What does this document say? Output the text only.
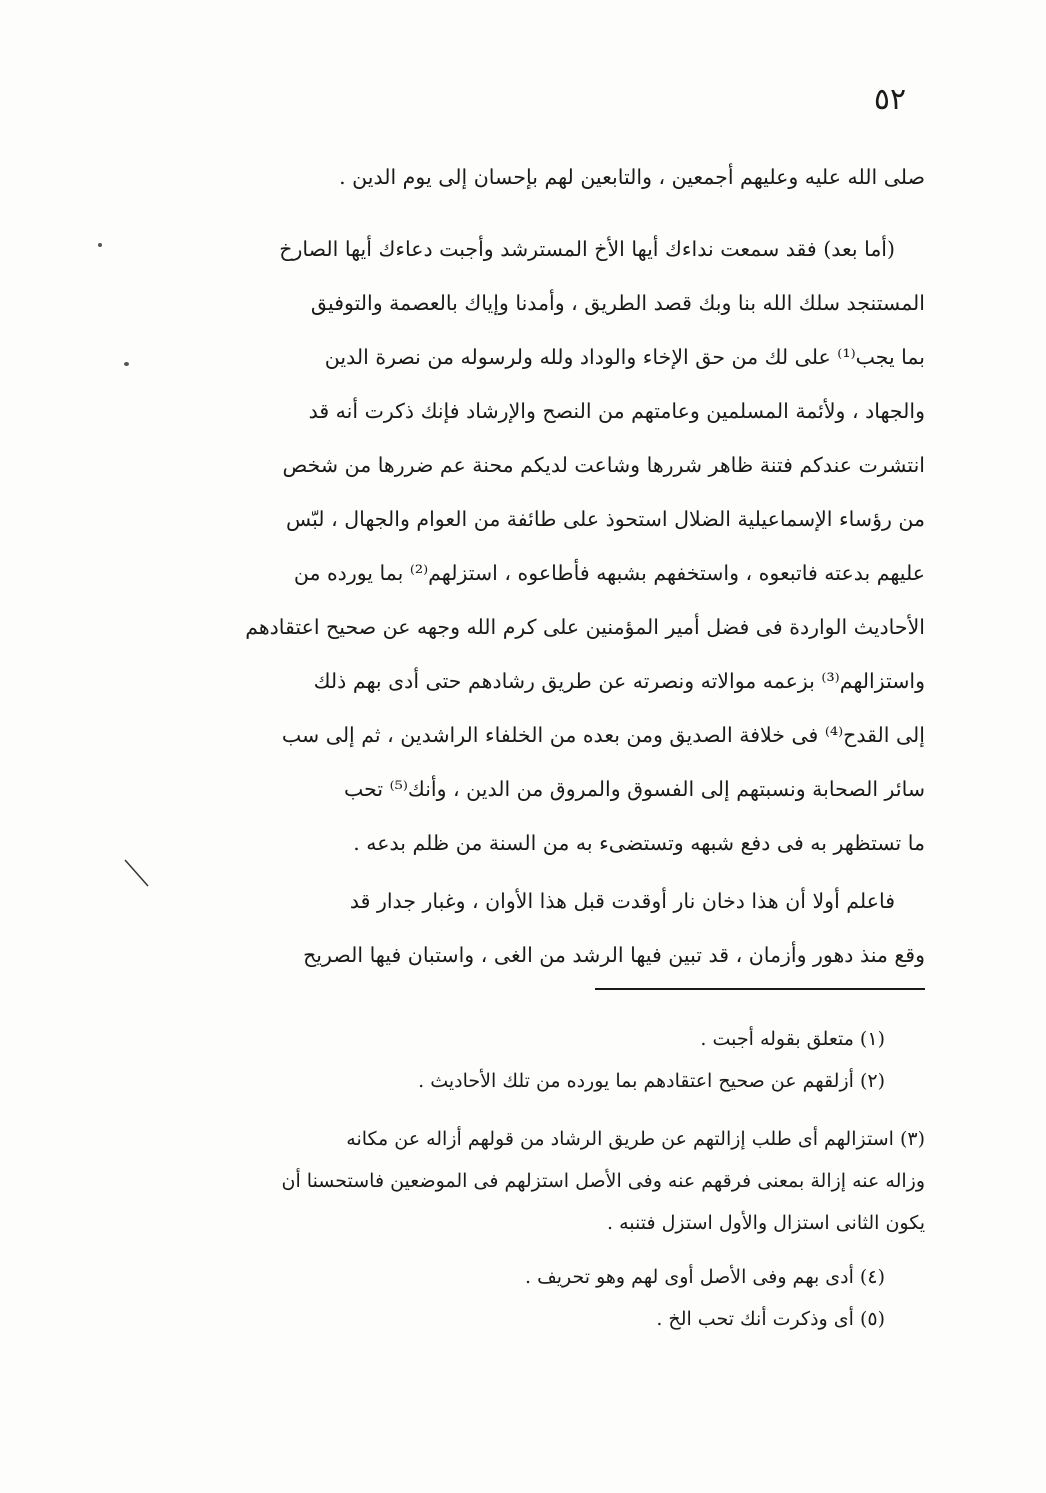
٥٢
صلى الله عليه وعليهم أجمعين ، والتابعين لهم بإحسان إلى يوم الدين .
(أما بعد) فقد سمعت نداءك أيها الأخ المسترشد وأجبت دعاءك أيها الصارخ
المستنجد سلك الله بنا وبك قصد الطريق ، وأمدنا وإياك بالعصمة والتوفيق
بما يجب⁽¹⁾ على لك من حق الإخاء والوداد ولله ولرسوله من نصرة الدين
والجهاد ، ولأئمة المسلمين وعامتهم من النصح والإرشاد فإنك ذكرت أنه قد
انتشرت عندكم فتنة ظاهر شررها وشاعت لديكم محنة عم ضررها من شخص
من رؤساء الإسماعيلية الضلال استحوذ على طائفة من العوام والجهال ، لبّس
عليهم بدعته فاتبعوه ، واستخفهم بشبهه فأطاعوه ، استزلهم⁽²⁾ بما يورده من
الأحاديث الواردة فى فضل أمير المؤمنين على كرم الله وجهه عن صحيح اعتقادهم
واستزالهم⁽³⁾ بزعمه موالاته ونصرته عن طريق رشادهم حتى أدى بهم ذلك
إلى القدح⁽⁴⁾ فى خلافة الصديق ومن بعده من الخلفاء الراشدين ، ثم إلى سب
سائر الصحابة ونسبتهم إلى الفسوق والمروق من الدين ، وأنك⁽⁵⁾ تحب
ما تستظهر به فى دفع شبهه وتستضىء به من السنة من ظلم بدعه .
فاعلم أولا أن هذا دخان نار أوقدت قبل هذا الأوان ، وغبار جدار قد
وقع منذ دهور وأزمان ، قد تبين فيها الرشد من الغى ، واستبان فيها الصريح
(١) متعلق بقوله أجبت .
(٢) أزلقهم عن صحيح اعتقادهم بما يورده من تلك الأحاديث .
(٣) استزالهم أى طلب إزالتهم عن طريق الرشاد من قولهم أزاله عن مكانه
وزاله عنه إزالة بمعنى فرقهم عنه وفى الأصل استزلهم فى الموضعين فاستحسنا أن
يكون الثانى استزال والأول استزل فتنبه .
(٤) أدى بهم وفى الأصل أوى لهم وهو تحريف .
(٥) أى وذكرت أنك تحب الخ .
